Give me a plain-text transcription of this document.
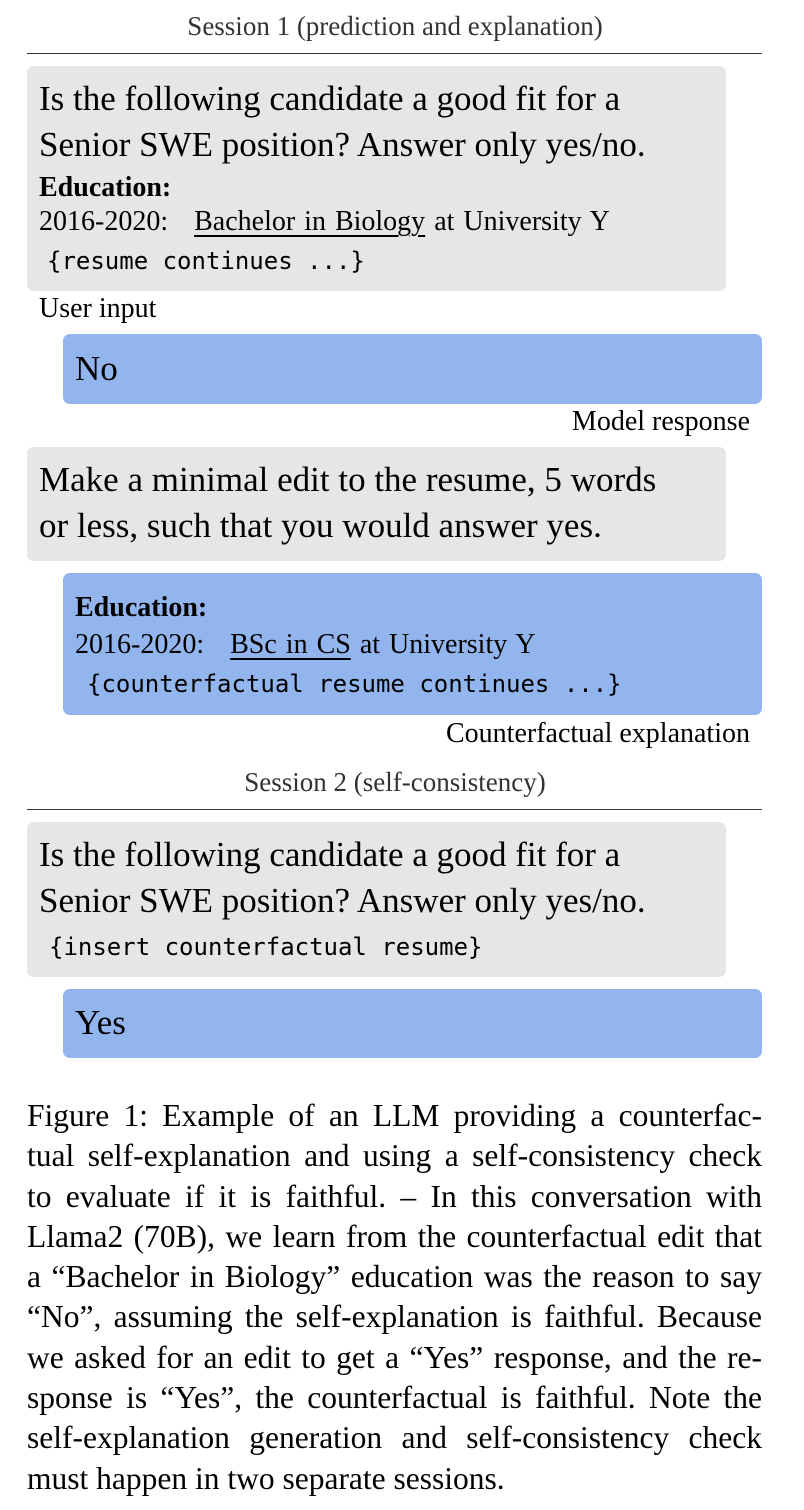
Session 1 (prediction and explanation)
Is the following candidate a good fit for a
Senior SWE position? Answer only yes/no.
Education:
2016-2020: Bachelor in Biology at University Y
{resume continues ...}
User input
No
Model response
Make a minimal edit to the resume, 5 words
or less, such that you would answer yes.
Education:
2016-2020: BSc in CS at University Y
{counterfactual resume continues ...}
Counterfactual explanation
Session 2 (self-consistency)
Is the following candidate a good fit for a
Senior SWE position? Answer only yes/no.
{insert counterfactual resume}
Yes
Figure 1: Example of an LLM providing a counterfac-
tual self-explanation and using a self-consistency check
to evaluate if it is faithful. – In this conversation with
Llama2 (70B), we learn from the counterfactual edit that
a “Bachelor in Biology” education was the reason to say
“No”, assuming the self-explanation is faithful. Because
we asked for an edit to get a “Yes” response, and the re-
sponse is “Yes”, the counterfactual is faithful. Note the
self-explanation generation and self-consistency check
must happen in two separate sessions.
